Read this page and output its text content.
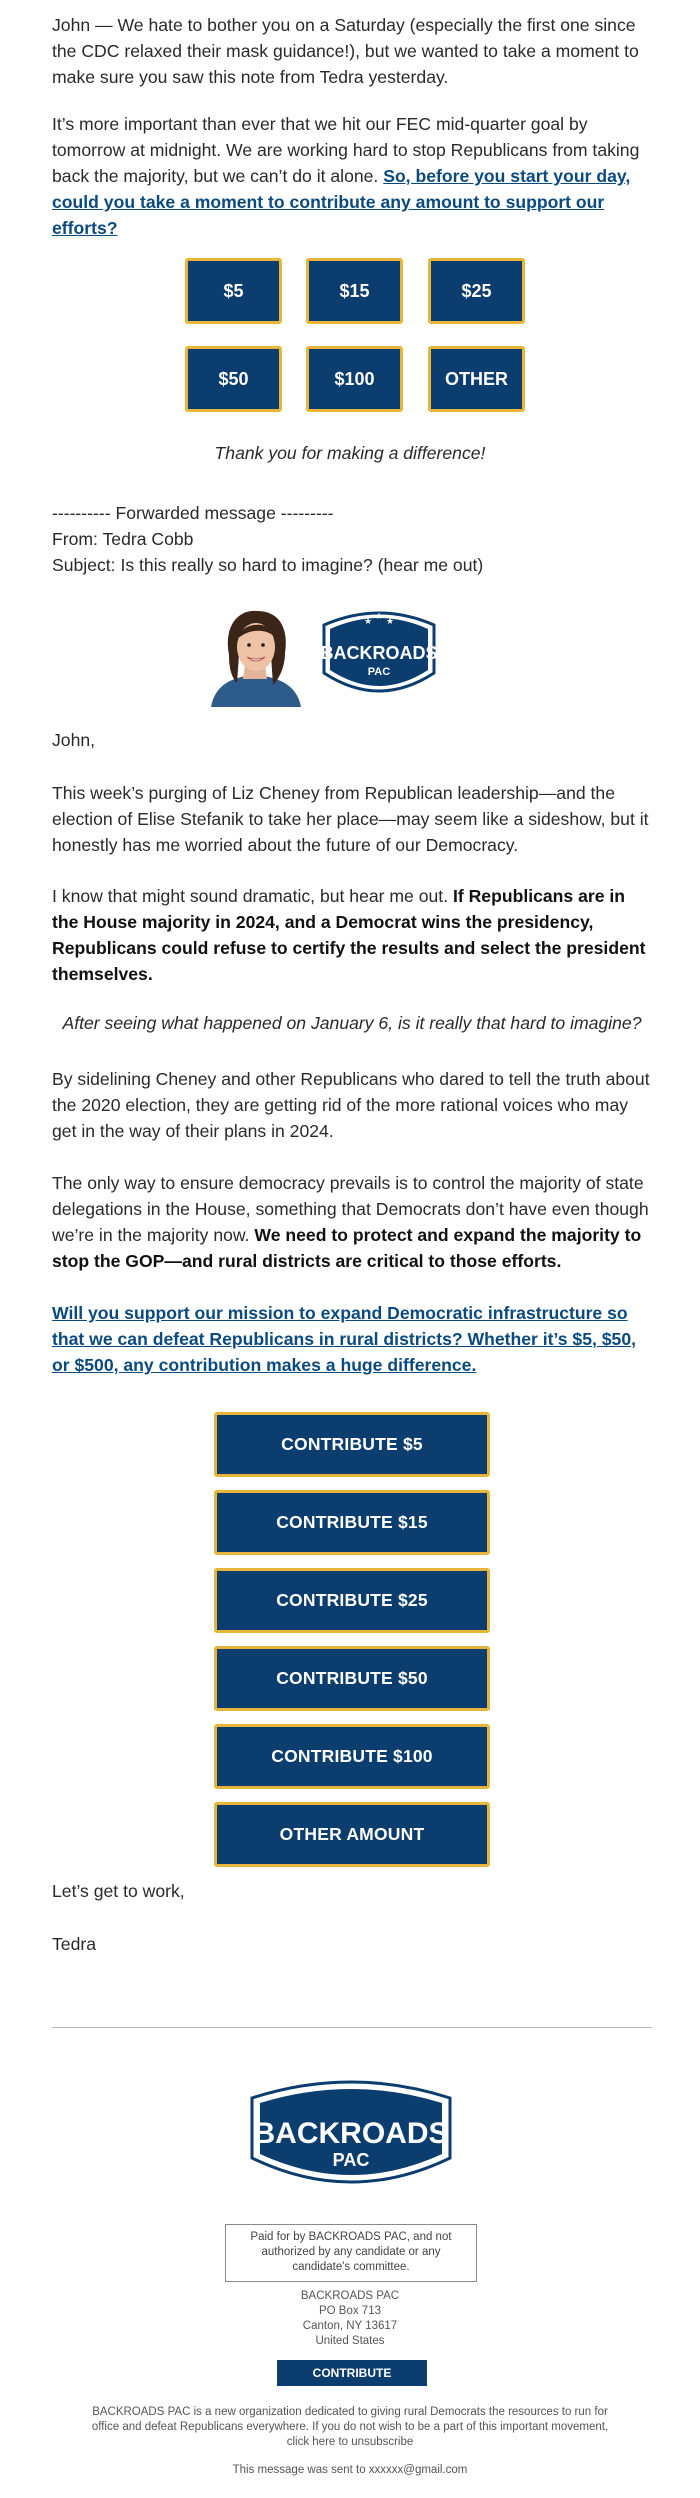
John — We hate to bother you on a Saturday (especially the first one since the CDC relaxed their mask guidance!), but we wanted to take a moment to make sure you saw this note from Tedra yesterday.

It’s more important than ever that we hit our FEC mid-quarter goal by tomorrow at midnight. We are working hard to stop Republicans from taking back the majority, but we can’t do it alone. So, before you start your day, could you take a moment to contribute any amount to support our efforts?

$5	$15	$25
$50	$100	OTHER

Thank you for making a difference!

---------- Forwarded message ---------
From: Tedra Cobb
Subject: Is this really so hard to imagine? (hear me out)
★ ★ ★
BACKROADS
PAC

John,

This week’s purging of Liz Cheney from Republican leadership—and the election of Elise Stefanik to take her place—may seem like a sideshow, but it honestly has me worried about the future of our Democracy.

I know that might sound dramatic, but hear me out. If Republicans are in the House majority in 2024, and a Democrat wins the presidency, Republicans could refuse to certify the results and select the president themselves.

After seeing what happened on January 6, is it really that hard to imagine?

By sidelining Cheney and other Republicans who dared to tell the truth about the 2020 election, they are getting rid of the more rational voices who may get in the way of their plans in 2024.

The only way to ensure democracy prevails is to control the majority of state delegations in the House, something that Democrats don’t have even though we’re in the majority now. We need to protect and expand the majority to stop the GOP—and rural districts are critical to those efforts.

Will you support our mission to expand Democratic infrastructure so that we can defeat Republicans in rural districts? Whether it’s $5, $50, or $500, any contribution makes a huge difference.

CONTRIBUTE $5
CONTRIBUTE $15
CONTRIBUTE $25
CONTRIBUTE $50
CONTRIBUTE $100
OTHER AMOUNT

Let’s get to work,

Tedra

BACKROADS
PAC
Paid for by BACKROADS PAC, and not authorized by any candidate or any candidate's committee.
BACKROADS PAC
PO Box 713
Canton, NY 13617
United States
CONTRIBUTE

BACKROADS PAC is a new organization dedicated to giving rural Democrats the resources to run for office and defeat Republicans everywhere. If you do not wish to be a part of this important movement, click here to unsubscribe

This message was sent to xxxxxx@gmail.com
